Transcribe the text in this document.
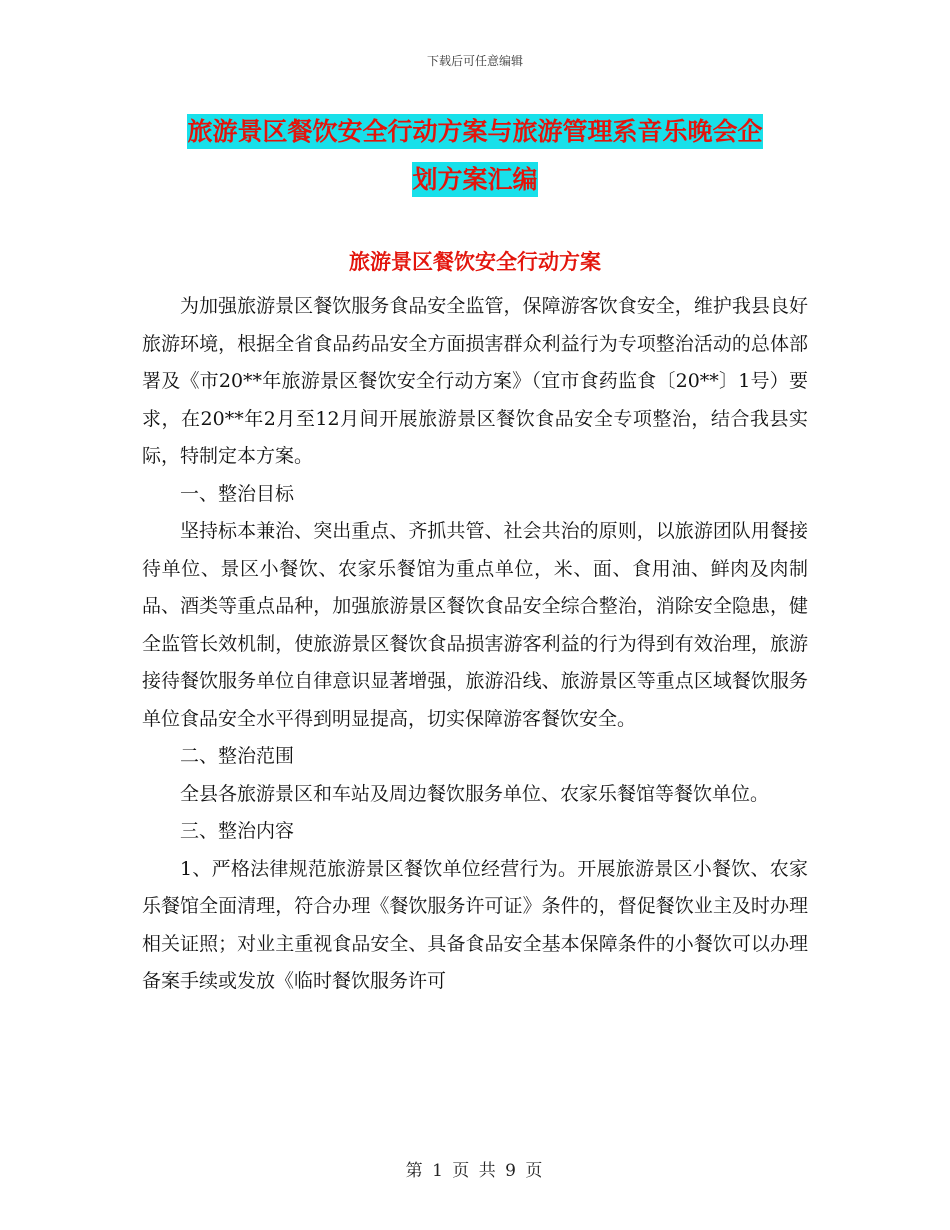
下载后可任意编辑
旅游景区餐饮安全行动方案与旅游管理系音乐晚会企
划方案汇编
旅游景区餐饮安全行动方案

为加强旅游景区餐饮服务食品安全监管，保障游客饮食安全，维护我县良好旅游环境，根据全省食品药品安全方面损害群众利益行为专项整治活动的总体部署及《市20**年旅游景区餐饮安全行动方案》（宜市食药监食〔20**〕1号）要求，在20**年2月至12月间开展旅游景区餐饮食品安全专项整治，结合我县实际，特制定本方案。

一、整治目标

坚持标本兼治、突出重点、齐抓共管、社会共治的原则，以旅游团队用餐接待单位、景区小餐饮、农家乐餐馆为重点单位，米、面、食用油、鲜肉及肉制品、酒类等重点品种，加强旅游景区餐饮食品安全综合整治，消除安全隐患，健全监管长效机制，使旅游景区餐饮食品损害游客利益的行为得到有效治理，旅游接待餐饮服务单位自律意识显著增强，旅游沿线、旅游景区等重点区域餐饮服务单位食品安全水平得到明显提高，切实保障游客餐饮安全。

二、整治范围

全县各旅游景区和车站及周边餐饮服务单位、农家乐餐馆等餐饮单位。

三、整治内容

1、严格法律规范旅游景区餐饮单位经营行为。开展旅游景区小餐饮、农家乐餐馆全面清理，符合办理《餐饮服务许可证》条件的，督促餐饮业主及时办理相关证照；对业主重视食品安全、具备食品安全基本保障条件的小餐饮可以办理备案手续或发放《临时餐饮服务许可

第 1 页 共 9 页
